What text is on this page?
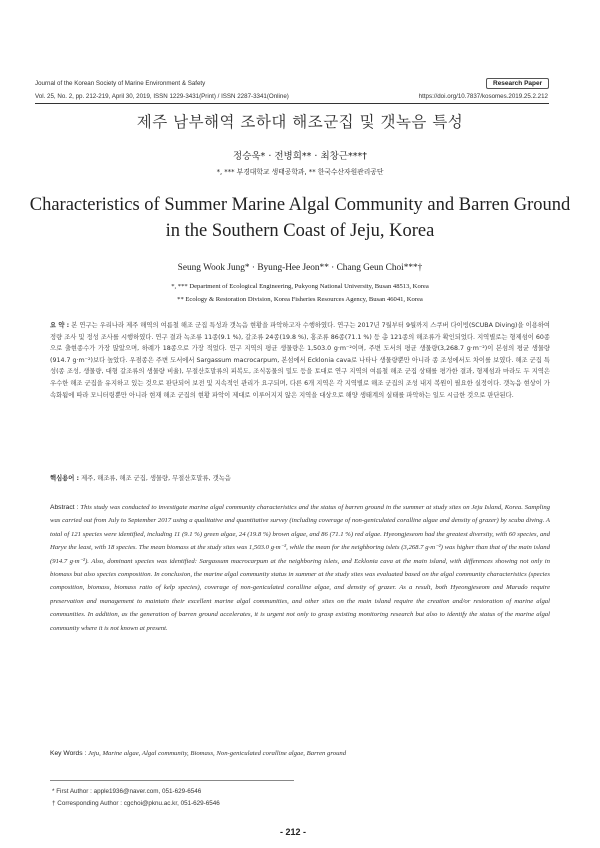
Journal of the Korean Society of Marine Environment & Safety	Research Paper
Vol. 25, No. 2, pp. 212-219, April 30, 2019, ISSN 1229-3431(Print) / ISSN 2287-3341(Online)	https://doi.org/10.7837/kosomes.2019.25.2.212
제주 남부해역 조하대 해조군집 및 갯녹음 특성
정승욱* · 전병희** · 최창근***†
*, *** 부경대학교 생태공학과, ** 한국수산자원관리공단
Characteristics of Summer Marine Algal Community and Barren Ground
in the Southern Coast of Jeju, Korea
Seung Wook Jung* · Byung-Hee Jeon** · Chang Geun Choi***†
*, *** Department of Ecological Engineering, Pukyong National University, Busan 48513, Korea
** Ecology & Restoration Division, Korea Fisheries Resources Agency, Busan 46041, Korea
요 약 : 본 연구는 우리나라 제주 해역의 여름철 해조 군집 특성과 갯녹음 현황을 파악하고자 수행하였다. 연구는 2017년 7월부터 9월까지 스쿠버 다이빙(SCUBA Diving)을 이용하여 정량 조사 및 정성 조사를 시행하였다. 연구 결과 녹조류 11종(9.1 %), 갈조류 24종(19.8 %), 홍조류 86종(71.1 %) 등 총 121종의 해조류가 확인되었다. 지역별로는 형제섬이 60종으로 출현종수가 가장 많았으며, 하례가 18종으로 가장 적었다. 연구 지역의 평균 생물량은 1,503.0 g·m⁻²이며, 주변 도서의 평균 생물량(3,268.7 g·m⁻²)이 본섬의 평균 생물량(914.7 g·m⁻²)보다 높았다. 우점종은 주변 도서에서 Sargassum macrocarpum, 본섬에서 Ecklonia cava로 나타나 생물량뿐만 아니라 종 조성에서도 차이를 보였다. 해조 군집 특성(종 조성, 생물량, 대형 갈조류의 생물량 비율), 무절산호말류의 피복도, 조식동물의 밀도 등을 토대로 연구 지역의 여름철 해조 군집 상태를 평가한 결과, 형제섬과 마라도 두 지역은 우수한 해조 군집을 유지하고 있는 것으로 판단되어 보전 및 지속적인 관리가 요구되며, 다른 6개 지역은 각 지역별로 해조 군집의 조성 내지 복원이 필요한 실정이다. 갯녹음 현상이 가속화됨에 따라 모니터링뿐만 아니라 현재 해조 군집의 현황 파악이 제대로 이루어지지 않은 지역을 대상으로 해양 생태계의 실태를 파악하는 일도 시급한 것으로 판단된다.
핵심용어 : 제주, 해조류, 해조 군집, 생물량, 무절산호말류, 갯녹음
Abstract : This study was conducted to investigate marine algal community characteristics and the status of barren ground in the summer at study sites on Jeju Island, Korea. Sampling was carried out from July to September 2017 using a qualitative and quantitative survey (including coverage of non-geniculated coralline algae and density of grazer) by scuba diving. A total of 121 species were identified, including 11 (9.1 %) green algae, 24 (19.8 %) brown algae, and 86 (71.1 %) red algae. Hyeongjeseom had the greatest diversity, with 60 species, and Harye the least, with 18 species. The mean biomass at the study sites was 1,503.0 g·m⁻², while the mean for the neighboring islets (3,268.7 g·m⁻²) was higher than that of the main island (914.7 g·m⁻²). Also, dominant species was identified: Sargassum macrocarpum at the neighboring islets, and Ecklonia cava at the main island, with differences showing not only in biomass but also species composition. In conclusion, the marine algal community status in summer at the study sites was evaluated based on the algal community characteristics (species composition, biomass, biomass ratio of kelp species), coverage of non-geniculated coralline algae, and density of grazer. As a result, both Hyeongjeseom and Marado require preservation and management to maintain their excellent marine algal communities, and other sites on the main island require the creation and/or restoration of marine algal communities. In addition, as the generation of barren ground accelerates, it is urgent not only to grasp existing monitoring research but also to identify the status of the marine algal community where it is not known at present.
Key Words : Jeju, Marine algae, Algal community, Biomass, Non-geniculated coralline algae, Barren ground
* First Author : apple1936@naver.com, 051-629-6546
† Corresponding Author : cgchoi@pknu.ac.kr, 051-629-6546
- 212 -
